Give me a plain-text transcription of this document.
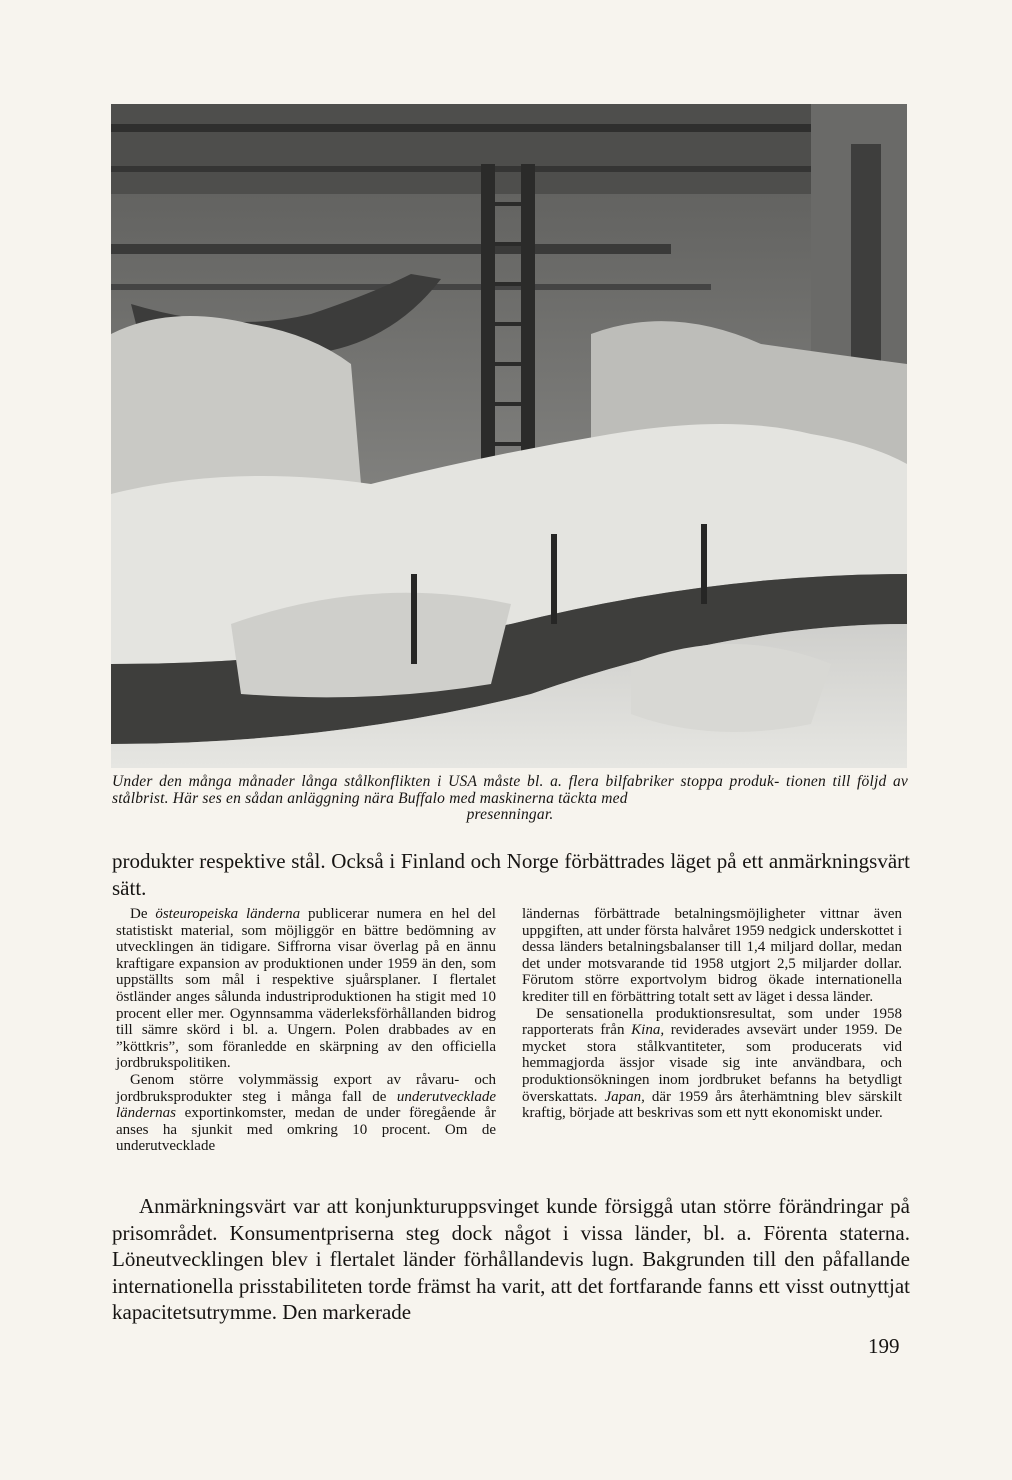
Under den många månader långa stålkonflikten i USA måste bl. a. flera bilfabriker stoppa produk- tionen till följd av stålbrist. Här ses en sådan anläggning nära Buffalo med maskinerna täckta med
presenningar.
produkter respektive stål. Också i Finland och Norge förbättrades läget på ett anmärkningsvärt sätt.

De östeuropeiska länderna publicerar numera en hel del statistiskt material, som möjliggör en bättre bedömning av utvecklingen än tidigare. Siffrorna visar överlag på en ännu kraftigare expansion av produktionen under 1959 än den, som uppställts som mål i respektive sjuårsplaner. I flertalet östländer anges sålunda industriproduktionen ha stigit med 10 procent eller mer. Ogynnsamma väderleksförhållanden bidrog till sämre skörd i bl. a. Ungern. Polen drabbades av en ”köttkris”, som föranledde en skärpning av den officiella jordbrukspolitiken.

Genom större volymmässig export av råvaru- och jordbruksprodukter steg i många fall de underutvecklade ländernas exportinkomster, medan de under föregående år anses ha sjunkit med omkring 10 procent. Om de underutvecklade

ländernas förbättrade betalningsmöjligheter vittnar även uppgiften, att under första halvåret 1959 nedgick underskottet i dessa länders betalningsbalanser till 1,4 miljard dollar, medan det under motsvarande tid 1958 utgjort 2,5 miljarder dollar. Förutom större exportvolym bidrog ökade internationella krediter till en förbättring totalt sett av läget i dessa länder.

De sensationella produktionsresultat, som under 1958 rapporterats från Kina, reviderades avsevärt under 1959. De mycket stora stålkvantiteter, som producerats vid hemmagjorda ässjor visade sig inte användbara, och produktionsökningen inom jordbruket befanns ha betydligt överskattats. Japan, där 1959 års återhämtning blev särskilt kraftig, började att beskrivas som ett nytt ekonomiskt under.

Anmärkningsvärt var att konjunkturuppsvinget kunde försiggå utan större förändringar på prisområdet. Konsumentpriserna steg dock något i vissa länder, bl. a. Förenta staterna. Löneutvecklingen blev i flertalet länder förhållandevis lugn. Bakgrunden till den påfallande internationella prisstabiliteten torde främst ha varit, att det fortfarande fanns ett visst outnyttjat kapacitetsutrymme. Den markerade
199
